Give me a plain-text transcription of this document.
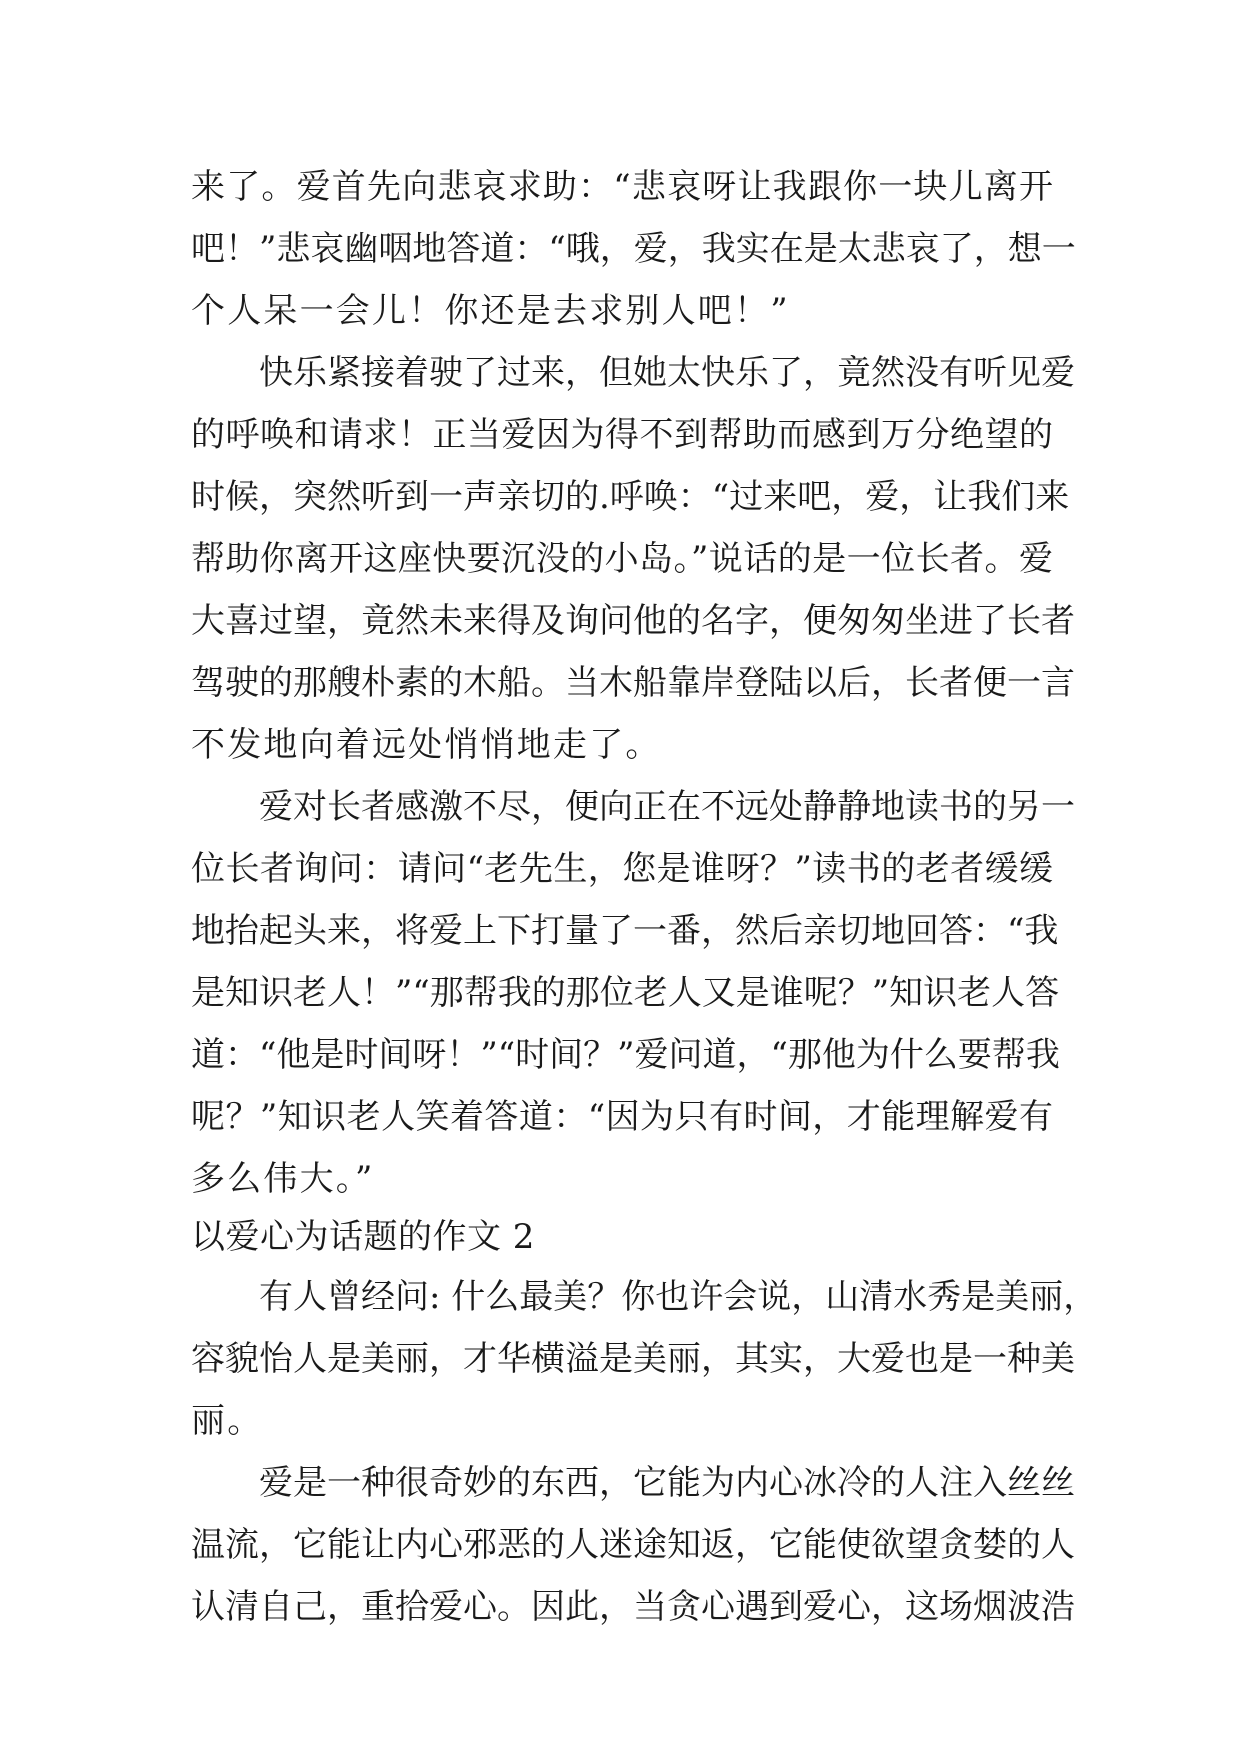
来了。爱首先向悲哀求助：“悲哀呀让我跟你一块儿离开
吧！”悲哀幽咽地答道：“哦，爱，我实在是太悲哀了，想一
个人呆一会儿！你还是去求别人吧！”
快乐紧接着驶了过来，但她太快乐了，竟然没有听见爱
的呼唤和请求！正当爱因为得不到帮助而感到万分绝望的
时候，突然听到一声亲切的.呼唤：“过来吧，爱，让我们来
帮助你离开这座快要沉没的小岛。”说话的是一位长者。爱
大喜过望，竟然未来得及询问他的名字，便匆匆坐进了长者
驾驶的那艘朴素的木船。当木船靠岸登陆以后，长者便一言
不发地向着远处悄悄地走了。
爱对长者感激不尽，便向正在不远处静静地读书的另一
位长者询问：请问“老先生，您是谁呀？”读书的老者缓缓
地抬起头来，将爱上下打量了一番，然后亲切地回答：“我
是知识老人！”“那帮我的那位老人又是谁呢？”知识老人答
道：“他是时间呀！”“时间？”爱问道，“那他为什么要帮我
呢？”知识老人笑着答道：“因为只有时间，才能理解爱有
多么伟大。”
以爱心为话题的作文 2
有人曾经问: 什么最美？你也许会说，山清水秀是美丽，
容貌怡人是美丽，才华横溢是美丽，其实，大爱也是一种美
丽。
爱是一种很奇妙的东西，它能为内心冰冷的人注入丝丝
温流，它能让内心邪恶的人迷途知返，它能使欲望贪婪的人
认清自己，重拾爱心。因此，当贪心遇到爱心，这场烟波浩
